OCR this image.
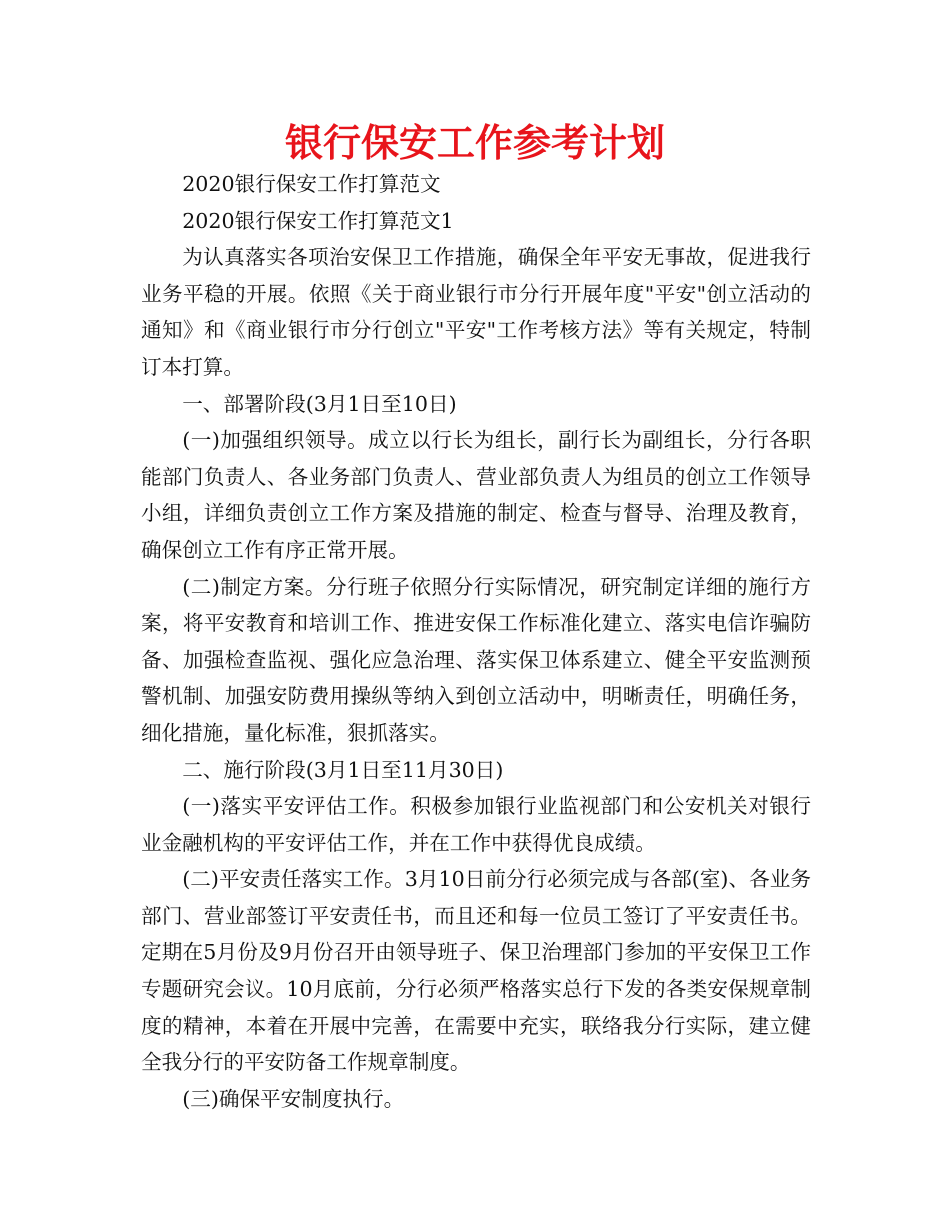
银行保安工作参考计划

2020银行保安工作打算范文

2020银行保安工作打算范文1

为认真落实各项治安保卫工作措施，确保全年平安无事故，促进我行业务平稳的开展。依照《关于商业银行市分行开展年度"平安"创立活动的通知》和《商业银行市分行创立"平安"工作考核方法》等有关规定，特制订本打算。

一、部署阶段(3月1日至10日)

(一)加强组织领导。成立以行长为组长，副行长为副组长，分行各职能部门负责人、各业务部门负责人、营业部负责人为组员的创立工作领导小组，详细负责创立工作方案及措施的制定、检查与督导、治理及教育，确保创立工作有序正常开展。

(二)制定方案。分行班子依照分行实际情况，研究制定详细的施行方案，将平安教育和培训工作、推进安保工作标准化建立、落实电信诈骗防备、加强检查监视、强化应急治理、落实保卫体系建立、健全平安监测预警机制、加强安防费用操纵等纳入到创立活动中，明晰责任，明确任务，细化措施，量化标准，狠抓落实。

二、施行阶段(3月1日至11月30日)

(一)落实平安评估工作。积极参加银行业监视部门和公安机关对银行业金融机构的平安评估工作，并在工作中获得优良成绩。

(二)平安责任落实工作。3月10日前分行必须完成与各部(室)、各业务部门、营业部签订平安责任书，而且还和每一位员工签订了平安责任书。定期在5月份及9月份召开由领导班子、保卫治理部门参加的平安保卫工作专题研究会议。10月底前，分行必须严格落实总行下发的各类安保规章制度的精神，本着在开展中完善，在需要中充实，联络我分行实际，建立健全我分行的平安防备工作规章制度。

(三)确保平安制度执行。
